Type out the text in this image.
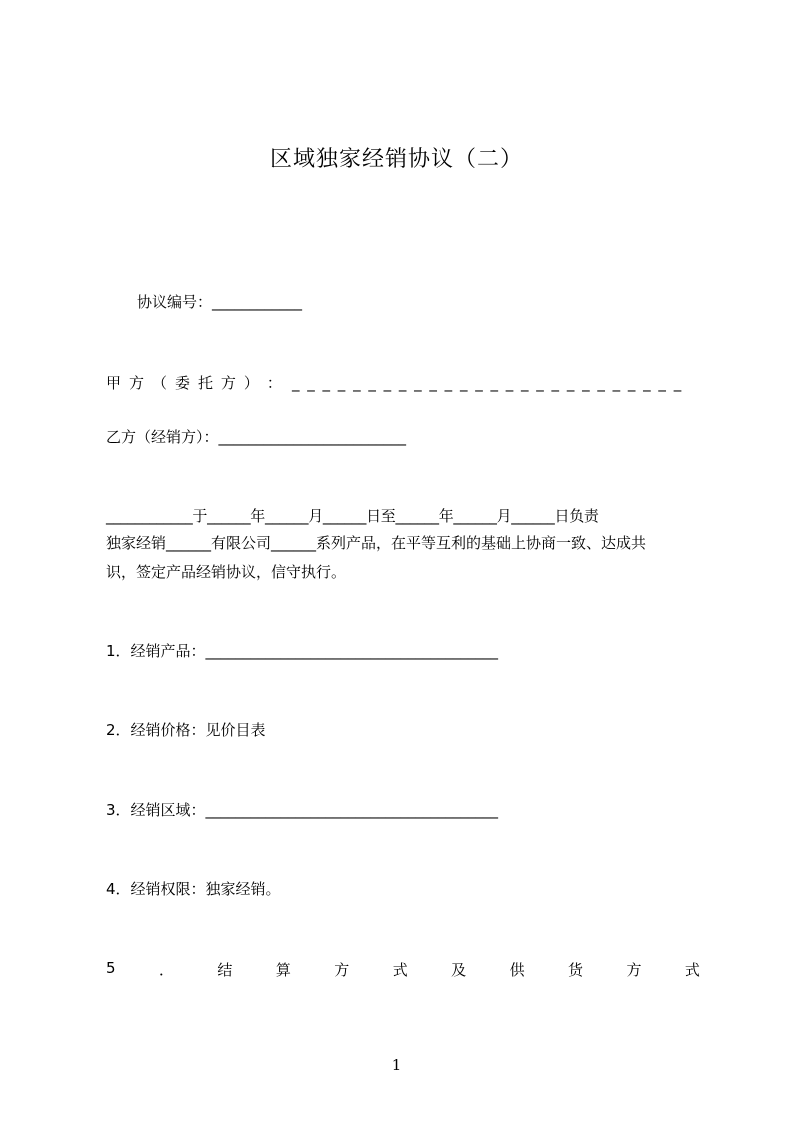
区域独家经销协议（二）
协议编号：____________
甲 方 （ 委 托 方 ） ： _ _ _ _ _ _ _ _ _ _ _ _ _ _ _ _ _ _ _ _ _ _ _ _ _ _
乙方（经销方）：_________________________
____________于______年______月______日至______年______月______日负责
独家经销______有限公司______系列产品，在平等互利的基础上协商一致、达成共
识，签定产品经销协议，信守执行。
1．经销产品：_______________________________________
2．经销价格：见价目表
3．经销区域：_______________________________________
4．经销权限：独家经销。
5	．	结	算	方	式	及	供	货	方	式
1
